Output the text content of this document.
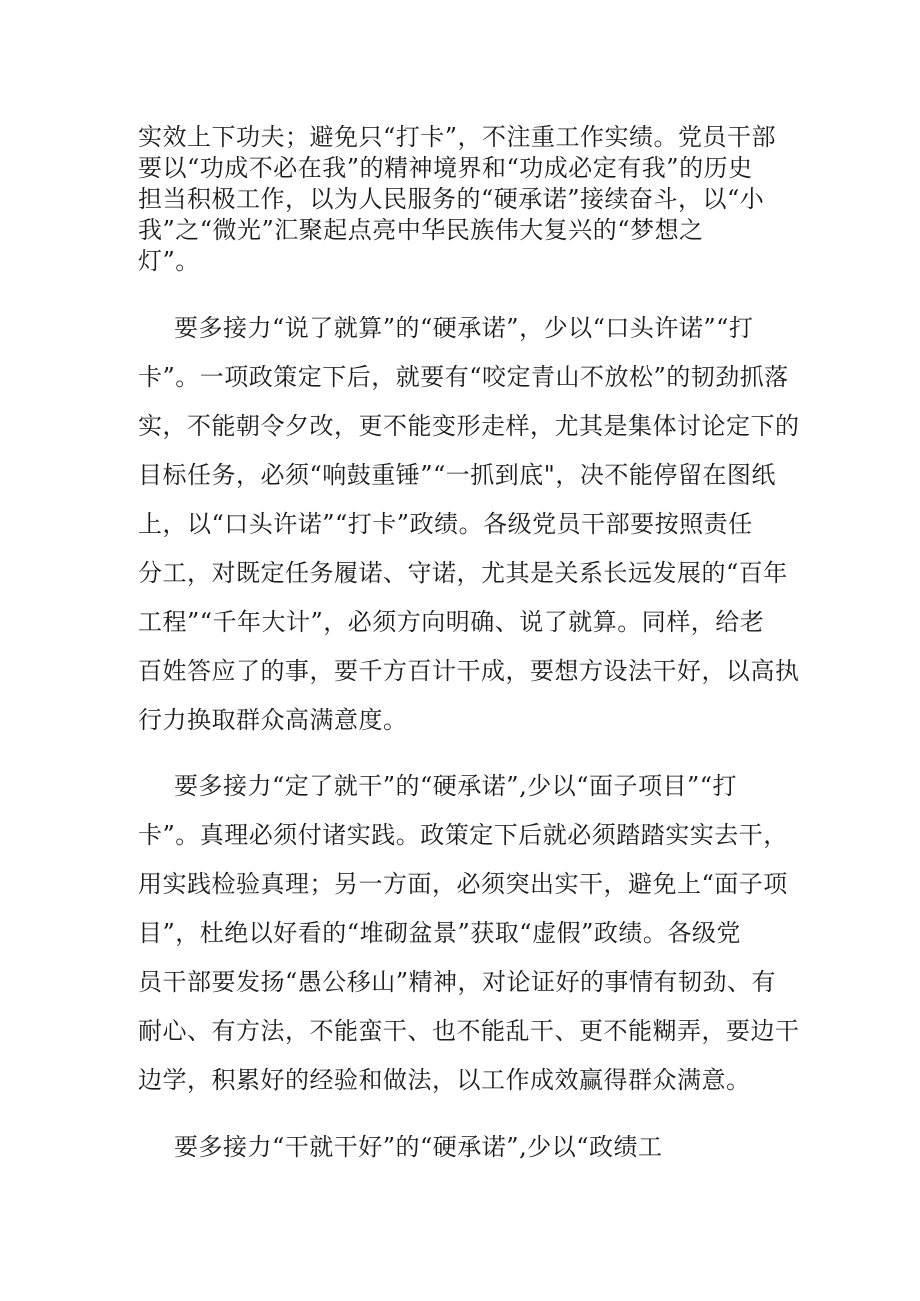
实效上下功夫；避免只“打卡”，不注重工作实绩。党员干部
要以“功成不必在我”的精神境界和“功成必定有我”的历史
担当积极工作，以为人民服务的“硬承诺”接续奋斗，以“小
我”之“微光”汇聚起点亮中华民族伟大复兴的“梦想之
灯”。
要多接力“说了就算”的“硬承诺”，少以“口头许诺”“打
卡”。一项政策定下后，就要有“咬定青山不放松”的韧劲抓落
实，不能朝令夕改，更不能变形走样，尤其是集体讨论定下的
目标任务，必须“响鼓重锤”“一抓到底"，决不能停留在图纸
上，以“口头许诺”“打卡”政绩。各级党员干部要按照责任
分工，对既定任务履诺、守诺，尤其是关系长远发展的“百年
工程”“千年大计”，必须方向明确、说了就算。同样，给老
百姓答应了的事，要千方百计干成，要想方设法干好，以高执
行力换取群众高满意度。
要多接力“定了就干”的“硬承诺”,少以“面子项目”“打
卡”。真理必须付诸实践。政策定下后就必须踏踏实实去干，
用实践检验真理；另一方面，必须突出实干，避免上“面子项
目”，杜绝以好看的“堆砌盆景”获取“虚假”政绩。各级党
员干部要发扬“愚公移山”精神，对论证好的事情有韧劲、有
耐心、有方法，不能蛮干、也不能乱干、更不能糊弄，要边干
边学，积累好的经验和做法，以工作成效赢得群众满意。
要多接力“干就干好”的“硬承诺”,少以“政绩工
